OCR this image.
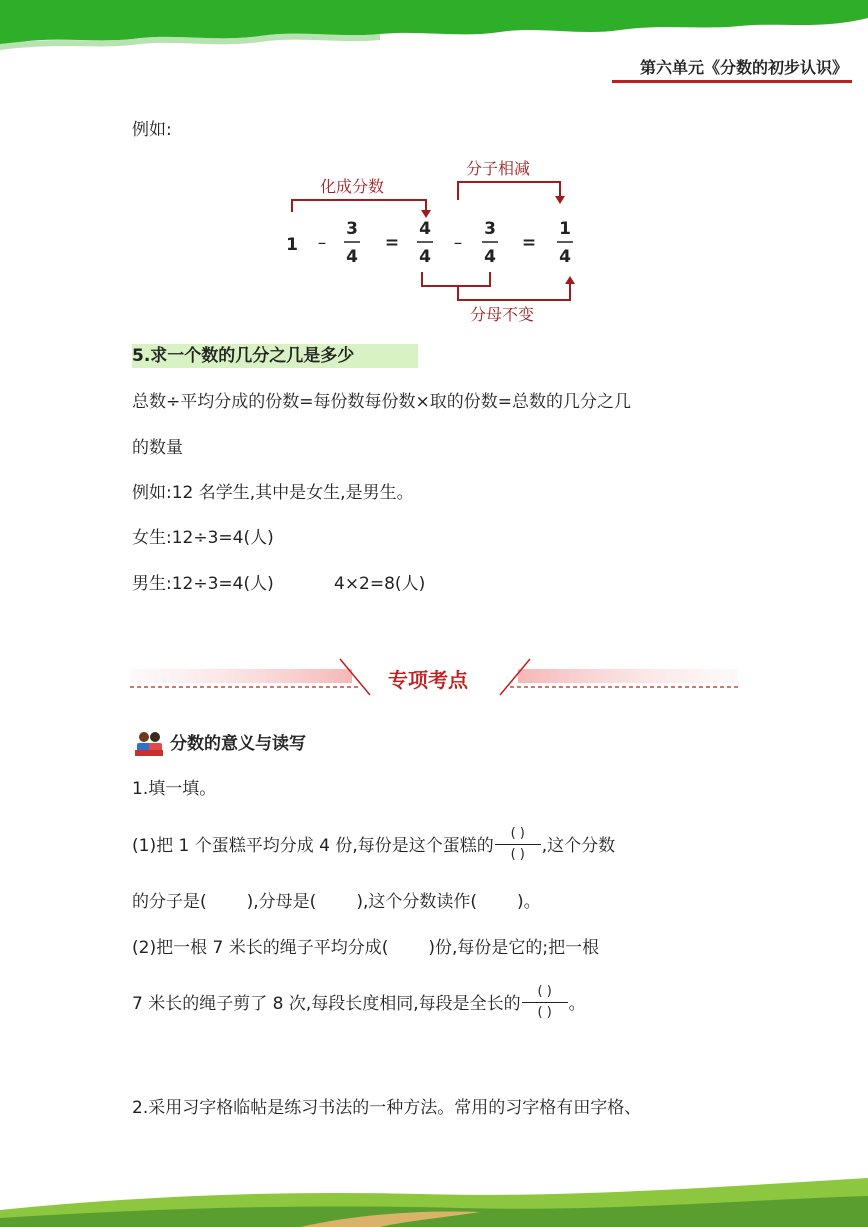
第六单元《分数的初步认识》
例如:
化成分数
分子相减
分母不变
1 –
3
4
=
4
4
–
3
4
=
1
4
5.求一个数的几分之几是多少
总数÷平均分成的份数=每份数每份数×取的份数=总数的几分之几
的数量
例如:12 名学生,其中是女生,是男生。
女生:12÷3=4(人)
男生:12÷3=4(人)	4×2=8(人)
专项考点
分数的意义与读写
1.填一填。
(1)把 1 个蛋糕平均分成 4 份,每份是这个蛋糕的
( )
( ) ,这个分数
的分子是( ),分母是( ),这个分数读作( )。
(2)把一根 7 米长的绳子平均分成( )份,每份是它的;把一根
7 米长的绳子剪了 8 次,每段长度相同,每段是全长的
( )
( ) 。
2.采用习字格临帖是练习书法的一种方法。常用的习字格有田字格、
